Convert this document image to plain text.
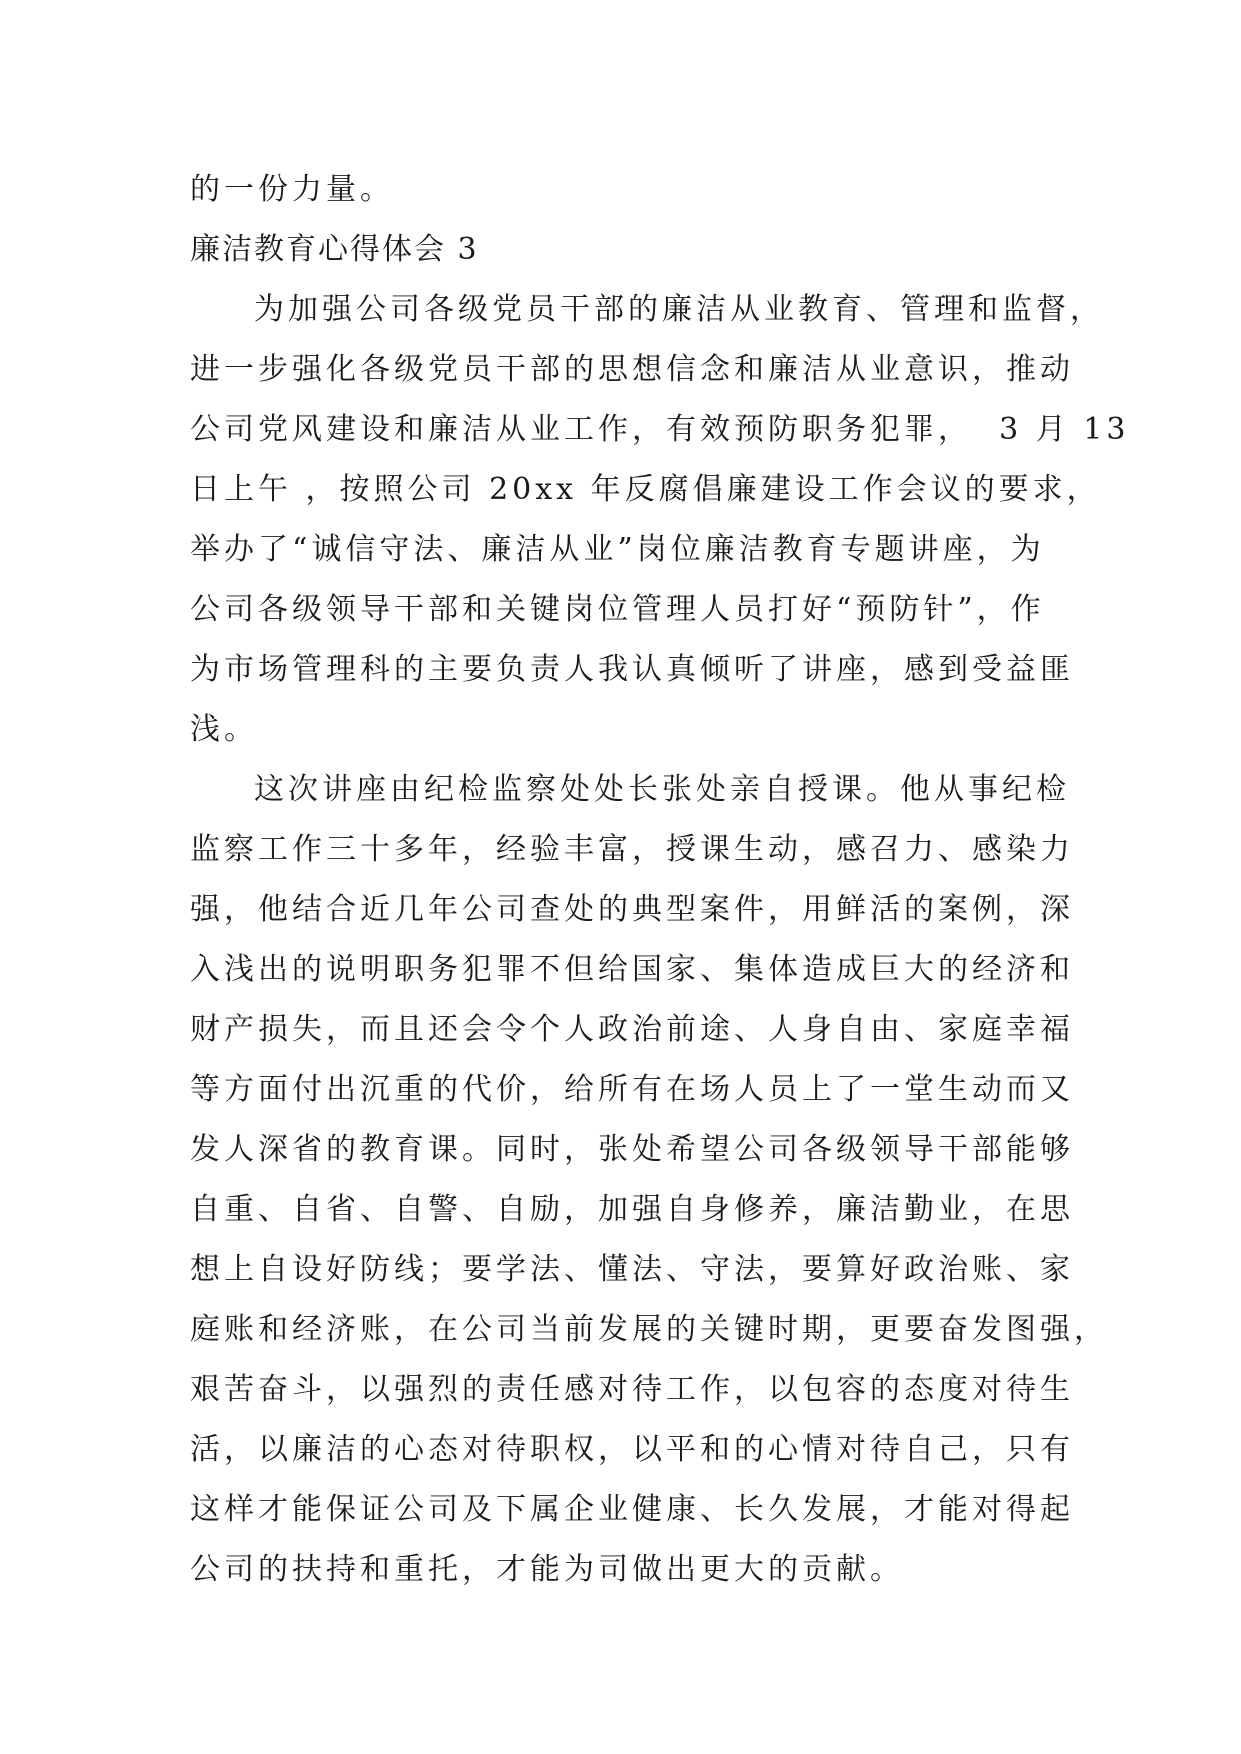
的一份力量。
廉洁教育心得体会 3
为加强公司各级党员干部的廉洁从业教育、管理和监督，
进一步强化各级党员干部的思想信念和廉洁从业意识，推动
公司党风建设和廉洁从业工作，有效预防职务犯罪，  3 月 13
日上午 ，按照公司 20xx 年反腐倡廉建设工作会议的要求，
举办了“诚信守法、廉洁从业”岗位廉洁教育专题讲座，为
公司各级领导干部和关键岗位管理人员打好“预防针”，作
为市场管理科的主要负责人我认真倾听了讲座，感到受益匪
浅。
这次讲座由纪检监察处处长张处亲自授课。他从事纪检
监察工作三十多年，经验丰富，授课生动，感召力、感染力
强，他结合近几年公司查处的典型案件，用鲜活的案例，深
入浅出的说明职务犯罪不但给国家、集体造成巨大的经济和
财产损失，而且还会令个人政治前途、人身自由、家庭幸福
等方面付出沉重的代价，给所有在场人员上了一堂生动而又
发人深省的教育课。同时，张处希望公司各级领导干部能够
自重、自省、自警、自励，加强自身修养，廉洁勤业，在思
想上自设好防线；要学法、懂法、守法，要算好政治账、家
庭账和经济账，在公司当前发展的关键时期，更要奋发图强，
艰苦奋斗，以强烈的责任感对待工作，以包容的态度对待生
活，以廉洁的心态对待职权，以平和的心情对待自己，只有
这样才能保证公司及下属企业健康、长久发展，才能对得起
公司的扶持和重托，才能为司做出更大的贡献。
